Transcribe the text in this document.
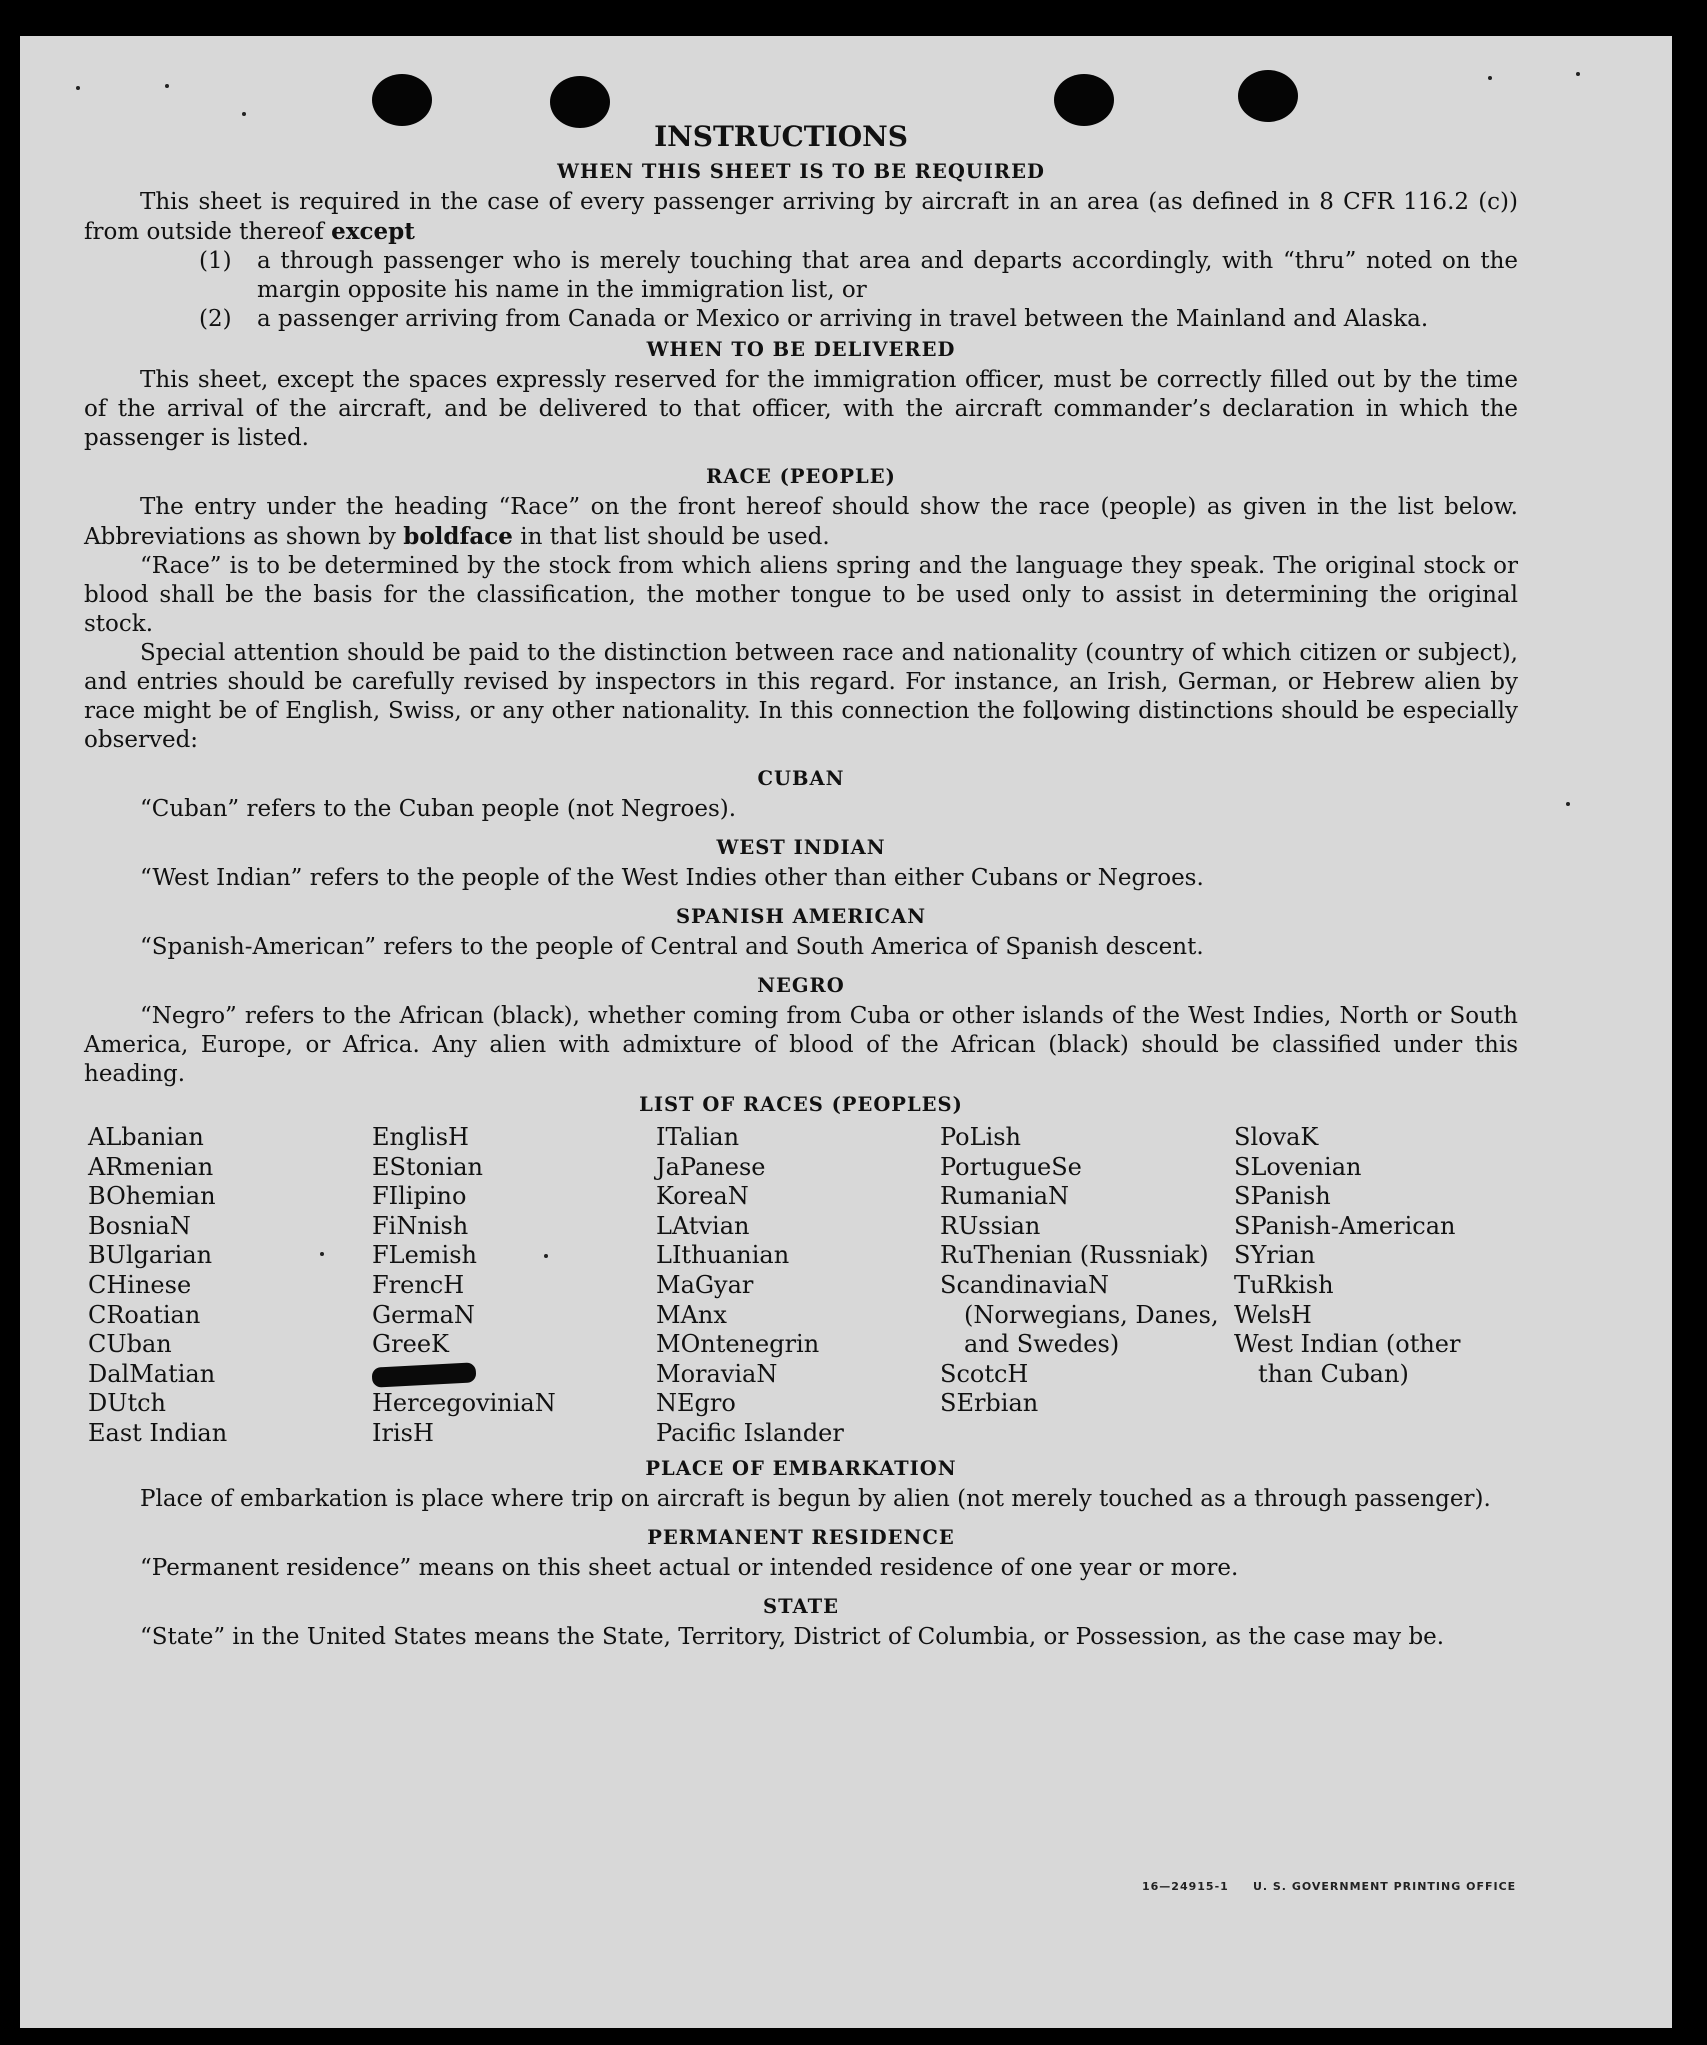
INSTRUCTIONS
WHEN THIS SHEET IS TO BE REQUIRED

This sheet is required in the case of every passenger arriving by aircraft in an area (as defined in 8 CFR 116.2 (c)) from outside thereof except

(1)	a through passenger who is merely touching that area and departs accordingly, with “thru” noted on the margin opposite his name in the immigration list, or
(2)	a passenger arriving from Canada or Mexico or arriving in travel between the Mainland and Alaska.
WHEN TO BE DELIVERED

This sheet, except the spaces expressly reserved for the immigration officer, must be correctly filled out by the time of the arrival of the aircraft, and be delivered to that officer, with the aircraft commander’s declaration in which the passenger is listed.

RACE (PEOPLE)

The entry under the heading “Race” on the front hereof should show the race (people) as given in the list below. Abbreviations as shown by boldface in that list should be used.

“Race” is to be determined by the stock from which aliens spring and the language they speak. The original stock or blood shall be the basis for the classification, the mother tongue to be used only to assist in determining the original stock.

Special attention should be paid to the distinction between race and nationality (country of which citizen or subject), and entries should be carefully revised by inspectors in this regard. For instance, an Irish, German, or Hebrew alien by race might be of English, Swiss, or any other nationality. In this connection the following distinctions should be especially observed:

CUBAN

“Cuban” refers to the Cuban people (not Negroes).

WEST INDIAN

“West Indian” refers to the people of the West Indies other than either Cubans or Negroes.

SPANISH AMERICAN

“Spanish-American” refers to the people of Central and South America of Spanish descent.

NEGRO

“Negro” refers to the African (black), whether coming from Cuba or other islands of the West Indies, North or South America, Europe, or Africa. Any alien with admixture of blood of the African (black) should be classified under this heading.

LIST OF RACES (PEOPLES)
ALbanian
ARmenian
BOhemian
BosniaN
BUlgarian
CHinese
CRoatian
CUban
DalMatian
DUtch
East Indian
EnglisH
EStonian
FIlipino
FiNnish
FLemish
FrencH
GermaN
GreeK
HercegoviniaN
IrisH
ITalian
JaPanese
KoreaN
LAtvian
LIthuanian
MaGyar
MAnx
MOntenegrin
MoraviaN
NEgro
Pacific Islander
PoLish
PortugueSe
RumaniaN
RUssian
RuThenian (Russniak)
ScandinaviaN (Norwegians, Danes, and Swedes)
ScotcH
SErbian
SlovaK
SLovenian
SPanish
SPanish-American
SYrian
TuRkish
WelsH
West Indian (other than Cuban)
PLACE OF EMBARKATION

Place of embarkation is place where trip on aircraft is begun by alien (not merely touched as a through passenger).

PERMANENT RESIDENCE

“Permanent residence” means on this sheet actual or intended residence of one year or more.

STATE

“State” in the United States means the State, Territory, District of Columbia, or Possession, as the case may be.

16—24915-1     U. S. GOVERNMENT PRINTING OFFICE
